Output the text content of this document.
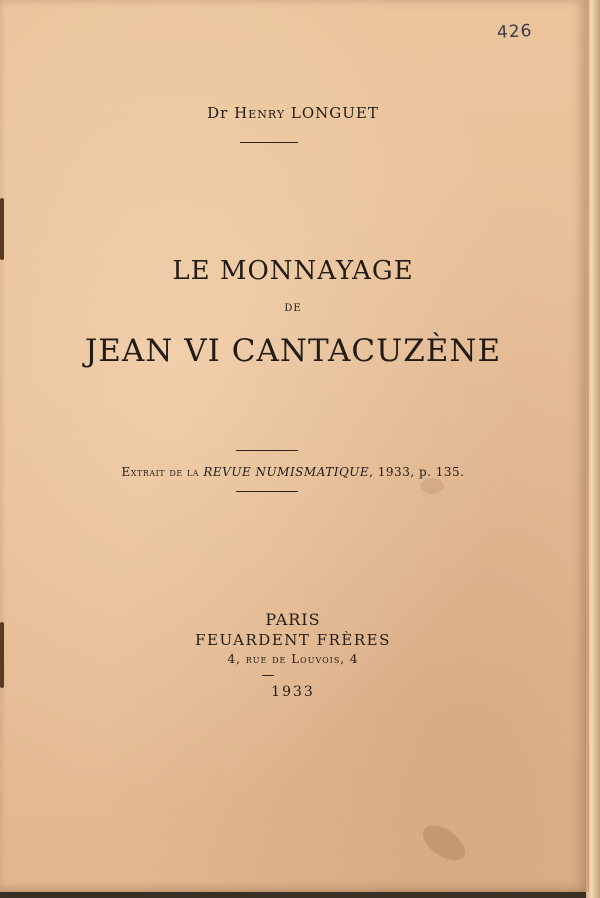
426
Dr Henry LONGUET
LE MONNAYAGE
DE
JEAN VI CANTACUZÈNE
Extrait de la REVUE NUMISMATIQUE, 1933, p. 135.
PARIS
FEUARDENT FRÈRES
4, rue de Louvois, 4
1933
